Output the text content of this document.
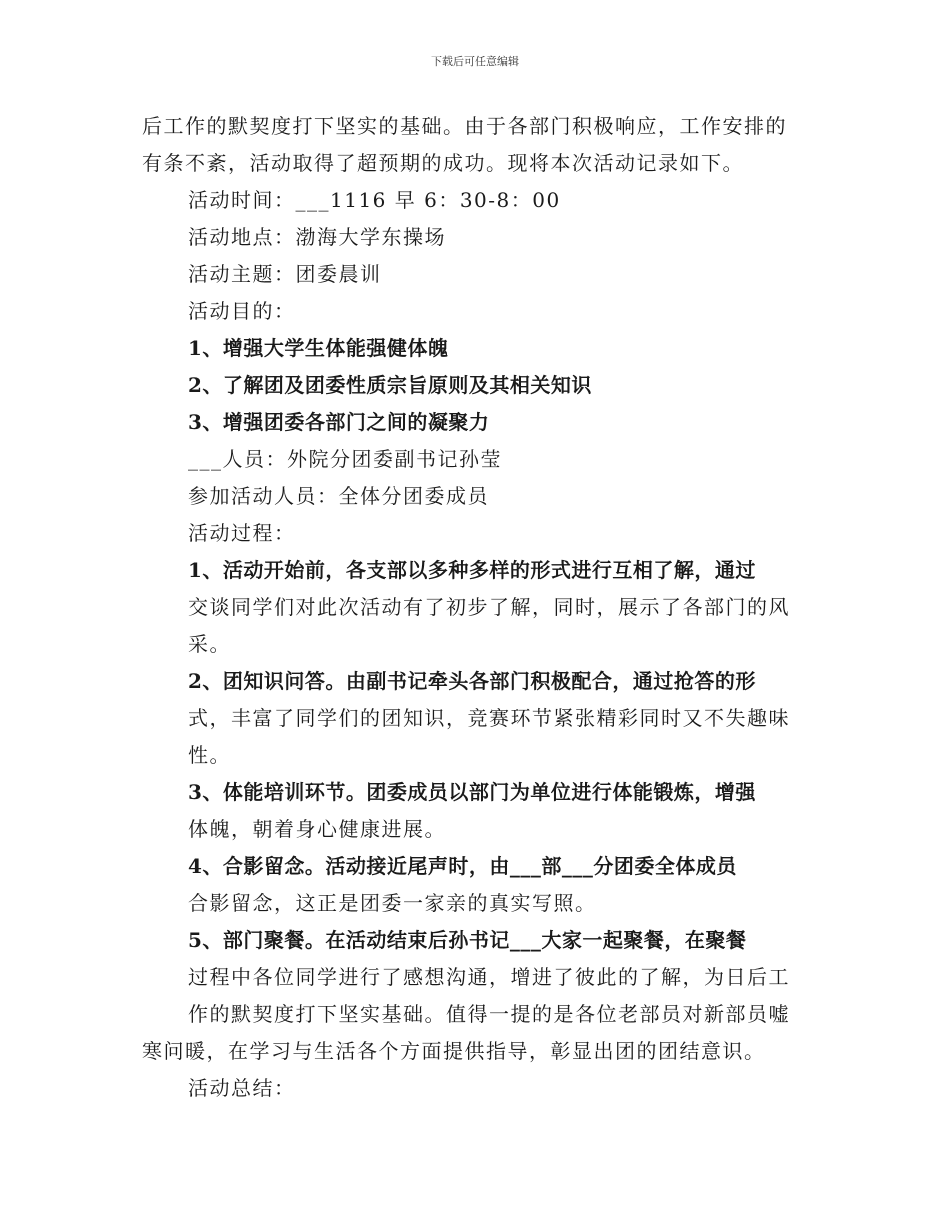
下载后可任意编辑
后工作的默契度打下坚实的基础。由于各部门积极响应，工作安排的
有条不紊，活动取得了超预期的成功。现将本次活动记录如下。
活动时间：___1116 早 6：30-8：00
活动地点：渤海大学东操场
活动主题：团委晨训
活动目的：
1、增强大学生体能强健体魄
2、了解团及团委性质宗旨原则及其相关知识
3、增强团委各部门之间的凝聚力
___人员：外院分团委副书记孙莹
参加活动人员：全体分团委成员
活动过程：
1、活动开始前，各支部以多种多样的形式进行互相了解，通过
交谈同学们对此次活动有了初步了解，同时，展示了各部门的风
采。
2、团知识问答。由副书记牵头各部门积极配合，通过抢答的形
式，丰富了同学们的团知识，竞赛环节紧张精彩同时又不失趣味
性。
3、体能培训环节。团委成员以部门为单位进行体能锻炼，增强
体魄，朝着身心健康进展。
4、合影留念。活动接近尾声时，由___部___分团委全体成员
合影留念，这正是团委一家亲的真实写照。
5、部门聚餐。在活动结束后孙书记___大家一起聚餐，在聚餐
过程中各位同学进行了感想沟通，增进了彼此的了解，为日后工
作的默契度打下坚实基础。值得一提的是各位老部员对新部员嘘
寒问暖，在学习与生活各个方面提供指导，彰显出团的团结意识。
活动总结：
